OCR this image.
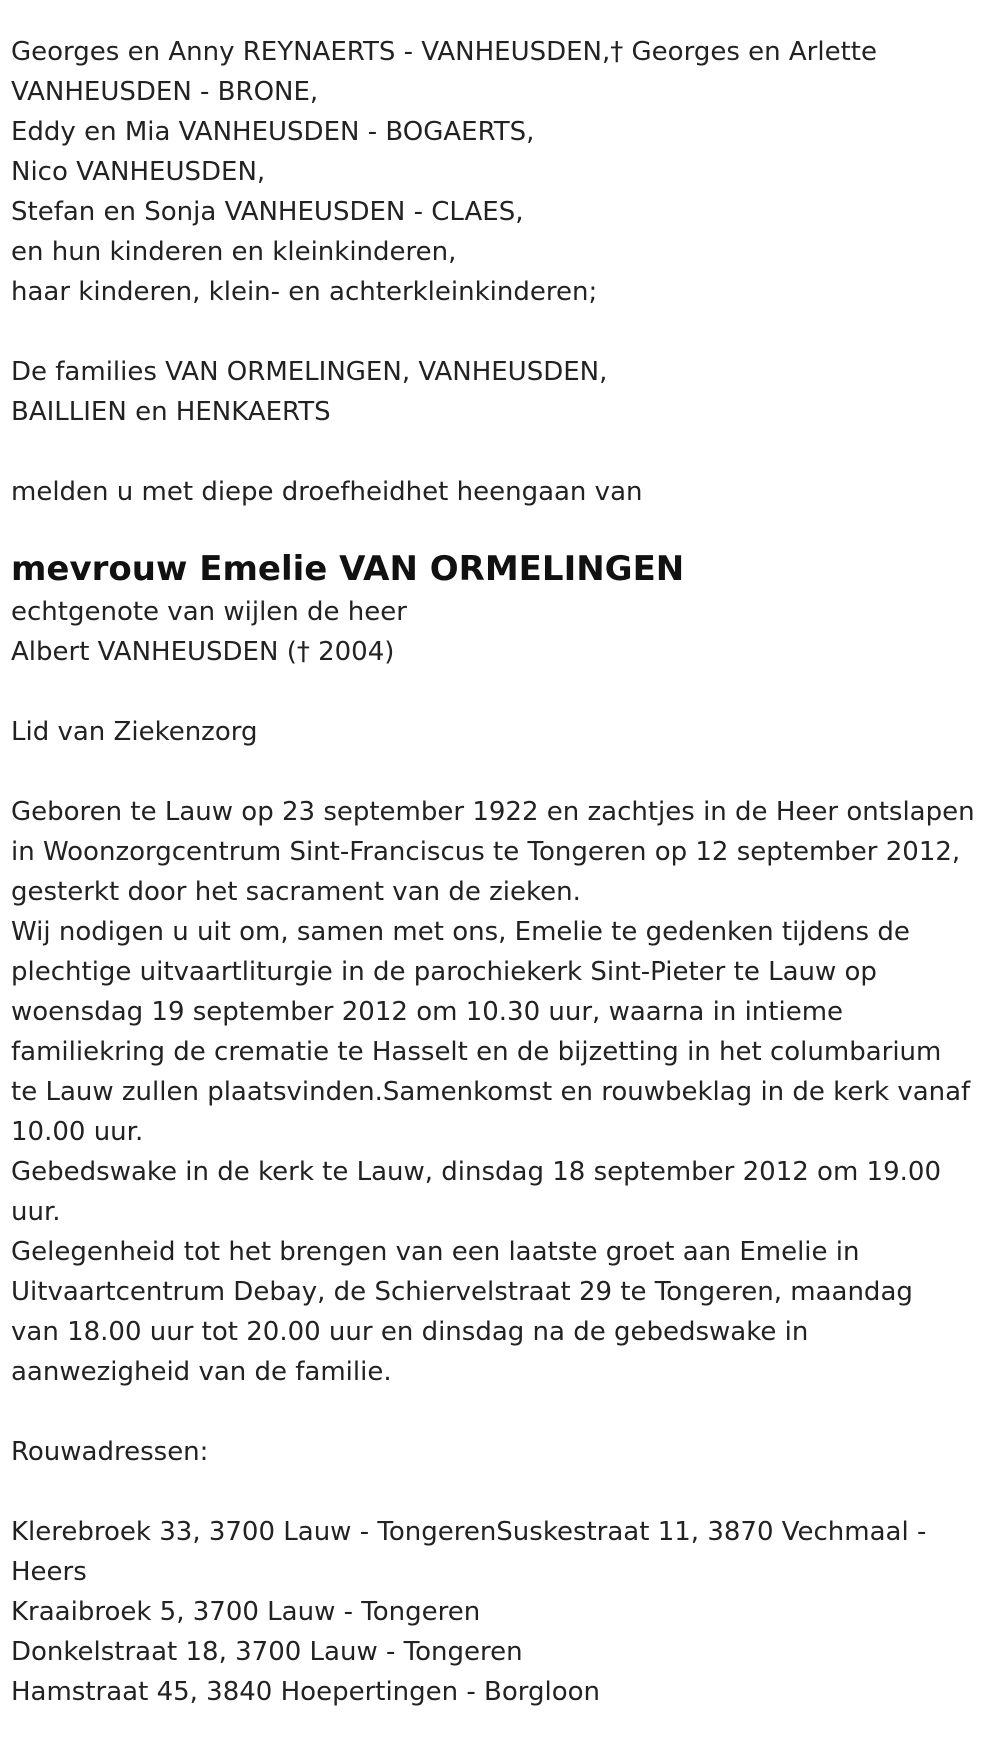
Georges en Anny REYNAERTS - VANHEUSDEN,† Georges en Arlette
VANHEUSDEN - BRONE,
Eddy en Mia VANHEUSDEN - BOGAERTS,
Nico VANHEUSDEN,
Stefan en Sonja VANHEUSDEN - CLAES,
en hun kinderen en kleinkinderen,
haar kinderen, klein- en achterkleinkinderen;
De families VAN ORMELINGEN, VANHEUSDEN,
BAILLIEN en HENKAERTS
melden u met diepe droefheidhet heengaan van
mevrouw Emelie VAN ORMELINGEN
echtgenote van wijlen de heer
Albert VANHEUSDEN († 2004)
Lid van Ziekenzorg
Geboren te Lauw op 23 september 1922 en zachtjes in de Heer ontslapen
in Woonzorgcentrum Sint-Franciscus te Tongeren op 12 september 2012,
gesterkt door het sacrament van de zieken.
Wij nodigen u uit om, samen met ons, Emelie te gedenken tijdens de
plechtige uitvaartliturgie in de parochiekerk Sint-Pieter te Lauw op
woensdag 19 september 2012 om 10.30 uur, waarna in intieme
familiekring de crematie te Hasselt en de bijzetting in het columbarium
te Lauw zullen plaatsvinden.Samenkomst en rouwbeklag in de kerk vanaf
10.00 uur.
Gebedswake in de kerk te Lauw, dinsdag 18 september 2012 om 19.00
uur.
Gelegenheid tot het brengen van een laatste groet aan Emelie in
Uitvaartcentrum Debay, de Schiervelstraat 29 te Tongeren, maandag
van 18.00 uur tot 20.00 uur en dinsdag na de gebedswake in
aanwezigheid van de familie.
Rouwadressen:
Klerebroek 33, 3700 Lauw - TongerenSuskestraat 11, 3870 Vechmaal -
Heers
Kraaibroek 5, 3700 Lauw - Tongeren
Donkelstraat 18, 3700 Lauw - Tongeren
Hamstraat 45, 3840 Hoepertingen - Borgloon
